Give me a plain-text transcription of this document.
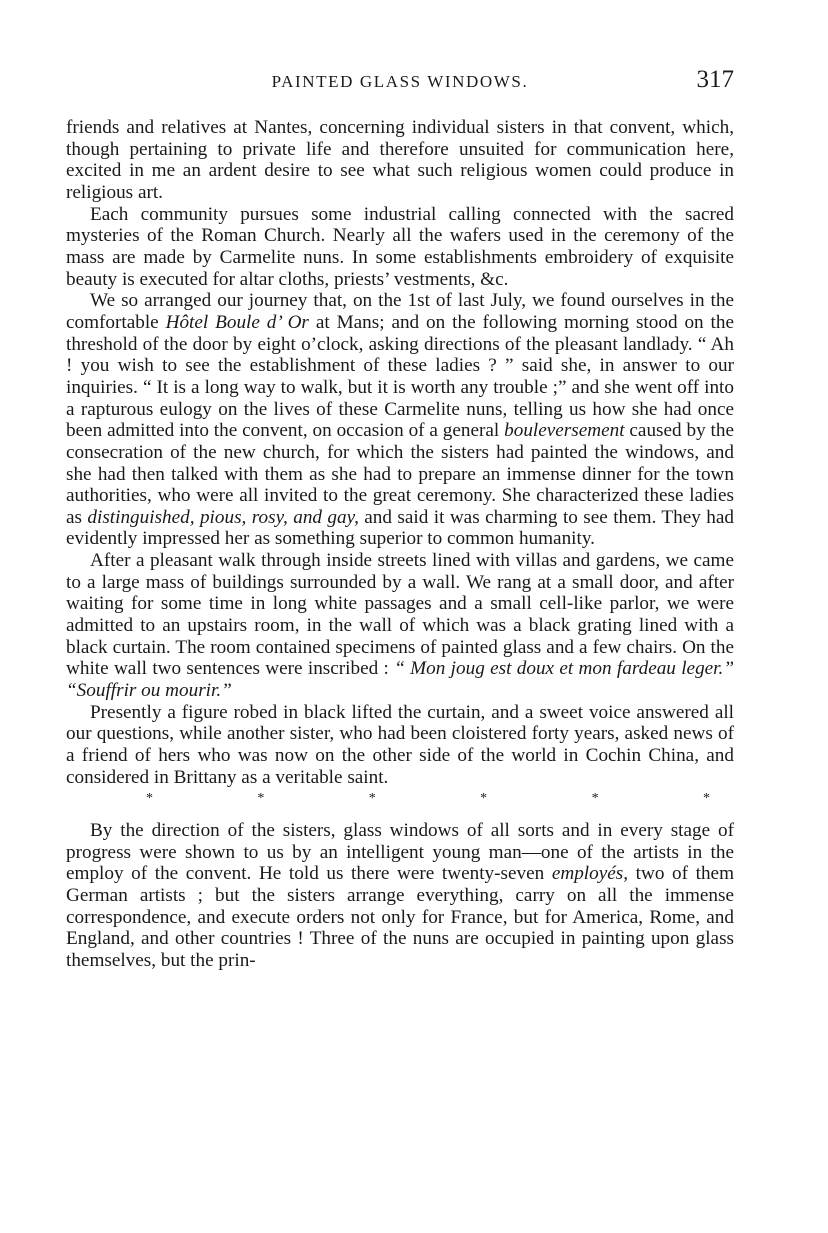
PAINTED GLASS WINDOWS.	317

friends and relatives at Nantes, concerning individual sisters in that convent, which, though pertaining to private life and therefore unsuited for communication here, excited in me an ardent desire to see what such religious women could produce in religious art.

Each community pursues some industrial calling connected with the sacred mysteries of the Roman Church. Nearly all the wafers used in the ceremony of the mass are made by Carmelite nuns. In some establishments embroidery of exquisite beauty is executed for altar cloths, priests’ vestments, &c.

We so arranged our journey that, on the 1st of last July, we found ourselves in the comfortable Hôtel Boule d’ Or at Mans; and on the following morning stood on the threshold of the door by eight o’clock, asking directions of the pleasant landlady. “ Ah ! you wish to see the establishment of these ladies ? ” said she, in answer to our inquiries. “ It is a long way to walk, but it is worth any trouble ;” and she went off into a rapturous eulogy on the lives of these Carmelite nuns, telling us how she had once been admitted into the convent, on occasion of a general bouleversement caused by the consecration of the new church, for which the sisters had painted the windows, and she had then talked with them as she had to prepare an immense dinner for the town authorities, who were all invited to the great ceremony. She characterized these ladies as distinguished, pious, rosy, and gay, and said it was charming to see them. They had evidently impressed her as something superior to common humanity.

After a pleasant walk through inside streets lined with villas and gardens, we came to a large mass of buildings surrounded by a wall. We rang at a small door, and after waiting for some time in long white passages and a small cell-like parlor, we were admitted to an upstairs room, in the wall of which was a black grating lined with a black curtain. The room contained specimens of painted glass and a few chairs. On the white wall two sentences were inscribed : “ Mon joug est doux et mon fardeau leger.” “Souffrir ou mourir.”

Presently a figure robed in black lifted the curtain, and a sweet voice answered all our questions, while another sister, who had been cloistered forty years, asked news of a friend of hers who was now on the other side of the world in Cochin China, and considered in Brittany as a veritable saint.

*	*	*	*	*	*

By the direction of the sisters, glass windows of all sorts and in every stage of progress were shown to us by an intelligent young man—one of the artists in the employ of the convent. He told us there were twenty-seven employés, two of them German artists ; but the sisters arrange everything, carry on all the immense correspondence, and execute orders not only for France, but for America, Rome, and England, and other countries ! Three of the nuns are occupied in painting upon glass themselves, but the prin-
